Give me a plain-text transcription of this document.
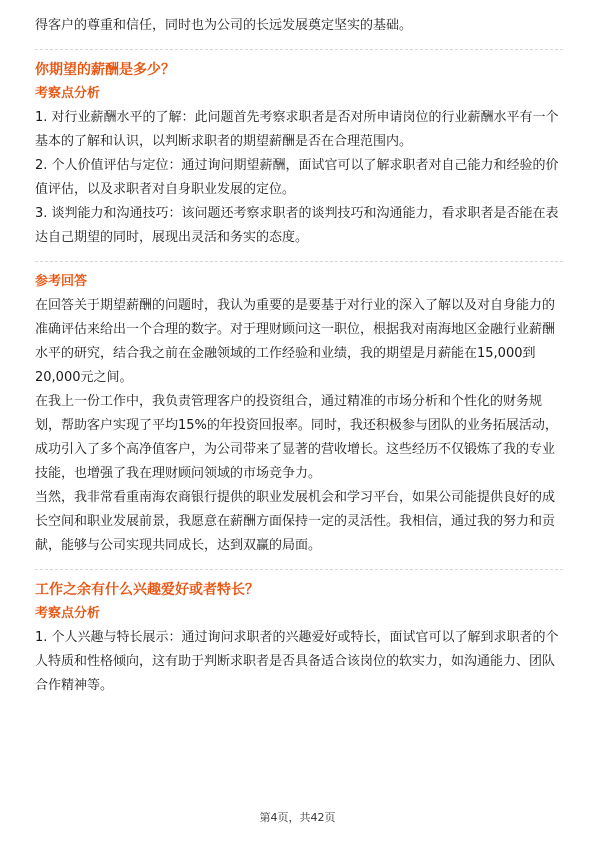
得客户的尊重和信任，同时也为公司的长远发展奠定坚实的基础。

你期望的薪酬是多少？

考察点分析

1. 对行业薪酬水平的了解：此问题首先考察求职者是否对所申请岗位的行业薪酬水平有一个基本的了解和认识，以判断求职者的期望薪酬是否在合理范围内。

2. 个人价值评估与定位：通过询问期望薪酬，面试官可以了解求职者对自己能力和经验的价值评估，以及求职者对自身职业发展的定位。

3. 谈判能力和沟通技巧：该问题还考察求职者的谈判技巧和沟通能力，看求职者是否能在表达自己期望的同时，展现出灵活和务实的态度。

参考回答

在回答关于期望薪酬的问题时，我认为重要的是要基于对行业的深入了解以及对自身能力的准确评估来给出一个合理的数字。对于理财顾问这一职位，根据我对南海地区金融行业薪酬水平的研究，结合我之前在金融领域的工作经验和业绩，我的期望是月薪能在15,000到20,000元之间。

在我上一份工作中，我负责管理客户的投资组合，通过精准的市场分析和个性化的财务规划，帮助客户实现了平均15%的年投资回报率。同时，我还积极参与团队的业务拓展活动，成功引入了多个高净值客户，为公司带来了显著的营收增长。这些经历不仅锻炼了我的专业技能，也增强了我在理财顾问领域的市场竞争力。

当然，我非常看重南海农商银行提供的职业发展机会和学习平台，如果公司能提供良好的成长空间和职业发展前景，我愿意在薪酬方面保持一定的灵活性。我相信，通过我的努力和贡献，能够与公司实现共同成长，达到双赢的局面。

工作之余有什么兴趣爱好或者特长？

考察点分析

1. 个人兴趣与特长展示：通过询问求职者的兴趣爱好或特长，面试官可以了解到求职者的个人特质和性格倾向，这有助于判断求职者是否具备适合该岗位的软实力，如沟通能力、团队合作精神等。

第4页，共42页
